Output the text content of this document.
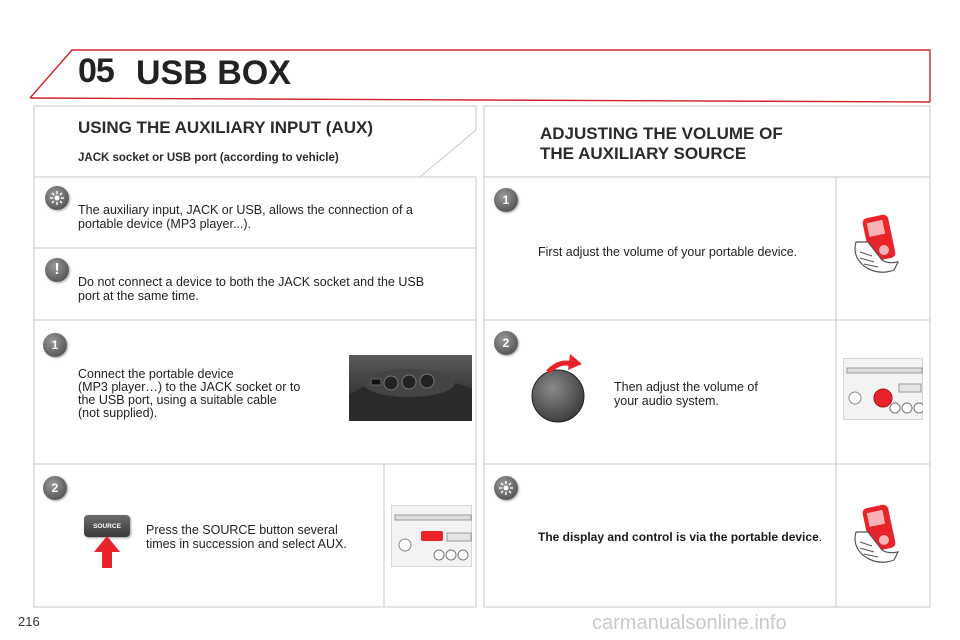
05 USB BOX
USING THE AUXILIARY INPUT (AUX)
JACK socket or USB port (according to vehicle)
The auxiliary input, JACK or USB, allows the connection of a
portable device (MP3 player...).
!
Do not connect a device to both the JACK socket and the USB
port at the same time.
1
Connect the portable device
(MP3 player…) to the JACK socket or to
the USB port, using a suitable cable
(not supplied).
2
SOURCE	Press the SOURCE button several
times in succession and select AUX.
ADJUSTING THE VOLUME OF
THE AUXILIARY SOURCE
1
First adjust the volume of your portable device.
2
Then adjust the volume of
your audio system.
The display and control is via the portable device.
216	carmanualsonline.info
